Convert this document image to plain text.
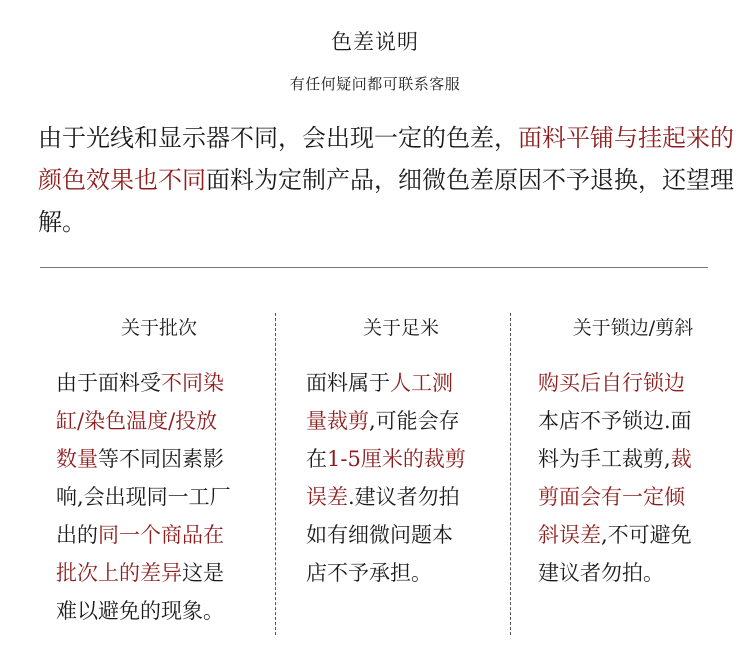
色差说明
有任何疑问都可联系客服
由于光线和显示器不同，会出现一定的色差，面料平铺与挂起来的颜色效果也不同面料为定制产品，细微色差原因不予退换，还望理解。
关于批次
由于面料受不同染
缸/染色温度/投放
数量等不同因素影
响,会出现同一工厂
出的同一个商品在
批次上的差异这是
难以避免的现象。
关于足米
面料属于人工测
量裁剪,可能会存
在1-5厘米的裁剪
误差.建议者勿拍
如有细微问题本
店不予承担。
关于锁边/剪斜
购买后自行锁边
本店不予锁边.面
料为手工裁剪,裁
剪面会有一定倾
斜误差,不可避免
建议者勿拍。
